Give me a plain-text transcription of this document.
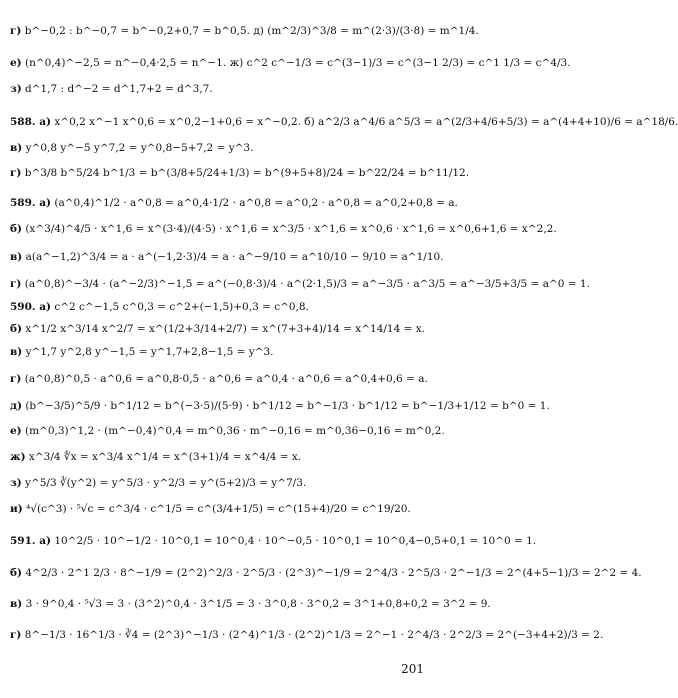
г) b^−0,2 : b^−0,7 = b^−0,2+0,7 = b^0,5. д) (m^2/3)^3/8 = m^(2·3)/(3·8) = m^1/4.
е) (n^0,4)^−2,5 = n^−0,4·2,5 = n^−1. ж) c^2 c^−1/3 = c^(3−1)/3 = c^(3−1 2/3) = c^1 1/3 = c^4/3.
з) d^1,7 : d^−2 = d^1,7+2 = d^3,7.
588. а) x^0,2 x^−1 x^0,6 = x^0,2−1+0,6 = x^−0,2. б) a^2/3 a^4/6 a^5/3 = a^(2/3+4/6+5/3) = a^(4+4+10)/6 = a^18/6.
в) y^0,8 y^−5 y^7,2 = y^0,8−5+7,2 = y^3.
г) b^3/8 b^5/24 b^1/3 = b^(3/8+5/24+1/3) = b^(9+5+8)/24 = b^22/24 = b^11/12.
589. а) (a^0,4)^1/2 · a^0,8 = a^0,4·1/2 · a^0,8 = a^0,2 · a^0,8 = a^0,2+0,8 = a.
б) (x^3/4)^4/5 · x^1,6 = x^(3·4)/(4·5) · x^1,6 = x^3/5 · x^1,6 = x^0,6 · x^1,6 = x^0,6+1,6 = x^2,2.
в) a(a^−1,2)^3/4 = a · a^(−1,2·3)/4 = a · a^−9/10 = a^10/10 − 9/10 = a^1/10.
г) (a^0,8)^−3/4 · (a^−2/3)^−1,5 = a^(−0,8·3)/4 · a^(2·1,5)/3 = a^−3/5 · a^3/5 = a^−3/5+3/5 = a^0 = 1.
590. а) c^2 c^−1,5 c^0,3 = c^2+(−1,5)+0,3 = c^0,8.
б) x^1/2 x^3/14 x^2/7 = x^(1/2+3/14+2/7) = x^(7+3+4)/14 = x^14/14 = x.
в) y^1,7 y^2,8 y^−1,5 = y^1,7+2,8−1,5 = y^3.
г) (a^0,8)^0,5 · a^0,6 = a^0,8·0,5 · a^0,6 = a^0,4 · a^0,6 = a^0,4+0,6 = a.
д) (b^−3/5)^5/9 · b^1/12 = b^(−3·5)/(5·9) · b^1/12 = b^−1/3 · b^1/12 = b^−1/3+1/12 = b^0 = 1.
е) (m^0,3)^1,2 · (m^−0,4)^0,4 = m^0,36 · m^−0,16 = m^0,36−0,16 = m^0,2.
ж) x^3/4 ∜x = x^3/4 x^1/4 = x^(3+1)/4 = x^4/4 = x.
з) y^5/3 ∛(y^2) = y^5/3 · y^2/3 = y^(5+2)/3 = y^7/3.
и) ⁴√(c^3) · ⁵√c = c^3/4 · c^1/5 = c^(3/4+1/5) = c^(15+4)/20 = c^19/20.
591. а) 10^2/5 · 10^−1/2 · 10^0,1 = 10^0,4 · 10^−0,5 · 10^0,1 = 10^0,4−0,5+0,1 = 10^0 = 1.
б) 4^2/3 · 2^1 2/3 · 8^−1/9 = (2^2)^2/3 · 2^5/3 · (2^3)^−1/9 = 2^4/3 · 2^5/3 · 2^−1/3 = 2^(4+5−1)/3 = 2^2 = 4.
в) 3 · 9^0,4 · ⁵√3 = 3 · (3^2)^0,4 · 3^1/5 = 3 · 3^0,8 · 3^0,2 = 3^1+0,8+0,2 = 3^2 = 9.
г) 8^−1/3 · 16^1/3 · ∛4 = (2^3)^−1/3 · (2^4)^1/3 · (2^2)^1/3 = 2^−1 · 2^4/3 · 2^2/3 = 2^(−3+4+2)/3 = 2.
201
